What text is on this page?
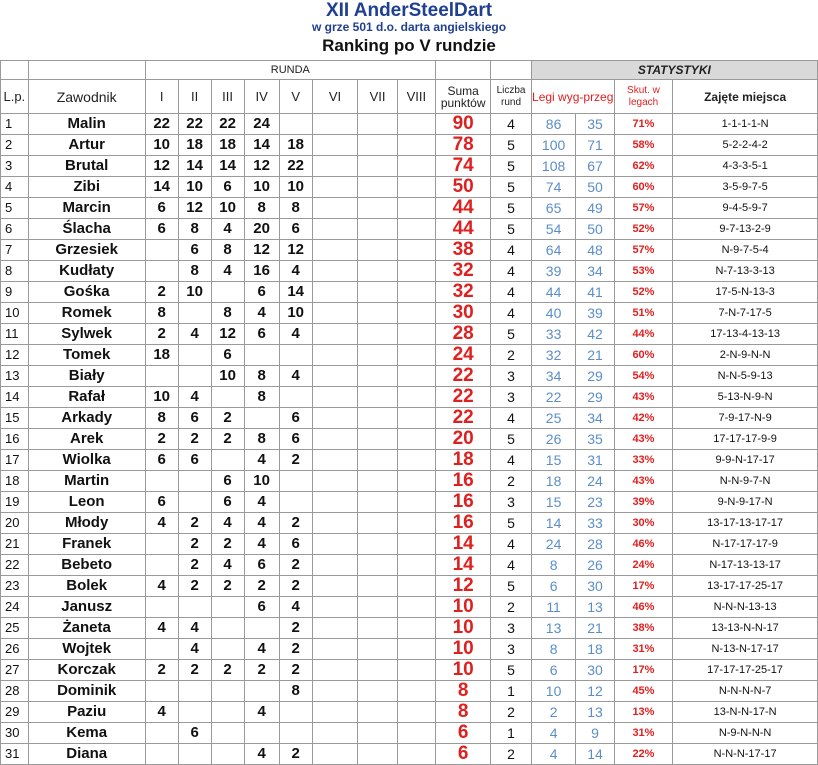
XII AnderSteelDart
w grze 501 d.o. darta angielskiego
Ranking po V rundzie
		RUNDA										STATYSTYKI			
L.p.	Zawodnik	I	II	III	IV	V	VI	VII	VIII	Suma punktów	Liczba rund	Legi wyg-przeg		Skut. w legach	Zajęte miejsca
1	Malin	22	22	22	24					90	4	86	35	71%	1-1-1-1-N
2	Artur	10	18	18	14	18				78	5	100	71	58%	5-2-2-4-2
3	Brutal	12	14	14	12	22				74	5	108	67	62%	4-3-3-5-1
4	Zibi	14	10	6	10	10				50	5	74	50	60%	3-5-9-7-5
5	Marcin	6	12	10	8	8				44	5	65	49	57%	9-4-5-9-7
6	Ślacha	6	8	4	20	6				44	5	54	50	52%	9-7-13-2-9
7	Grzesiek		6	8	12	12				38	4	64	48	57%	N-9-7-5-4
8	Kudłaty		8	4	16	4				32	4	39	34	53%	N-7-13-3-13
9	Gośka	2	10		6	14				32	4	44	41	52%	17-5-N-13-3
10	Romek	8		8	4	10				30	4	40	39	51%	7-N-7-17-5
11	Sylwek	2	4	12	6	4				28	5	33	42	44%	17-13-4-13-13
12	Tomek	18		6						24	2	32	21	60%	2-N-9-N-N
13	Biały			10	8	4				22	3	34	29	54%	N-N-5-9-13
14	Rafał	10	4		8					22	3	22	29	43%	5-13-N-9-N
15	Arkady	8	6	2		6				22	4	25	34	42%	7-9-17-N-9
16	Arek	2	2	2	8	6				20	5	26	35	43%	17-17-17-9-9
17	Wiolka	6	6		4	2				18	4	15	31	33%	9-9-N-17-17
18	Martin			6	10					16	2	18	24	43%	N-N-9-7-N
19	Leon	6		6	4					16	3	15	23	39%	9-N-9-17-N
20	Młody	4	2	4	4	2				16	5	14	33	30%	13-17-13-17-17
21	Franek		2	2	4	6				14	4	24	28	46%	N-17-17-17-9
22	Bebeto		2	4	6	2				14	4	8	26	24%	N-17-13-13-17
23	Bolek	4	2	2	2	2				12	5	6	30	17%	13-17-17-25-17
24	Janusz				6	4				10	2	11	13	46%	N-N-N-13-13
25	Żaneta	4	4			2				10	3	13	21	38%	13-13-N-N-17
26	Wojtek		4		4	2				10	3	8	18	31%	N-13-N-17-17
27	Korczak	2	2	2	2	2				10	5	6	30	17%	17-17-17-25-17
28	Dominik					8				8	1	10	12	45%	N-N-N-N-7
29	Paziu	4			4					8	2	2	13	13%	13-N-N-17-N
30	Kema		6							6	1	4	9	31%	N-9-N-N-N
31	Diana				4	2				6	2	4	14	22%	N-N-N-17-17
